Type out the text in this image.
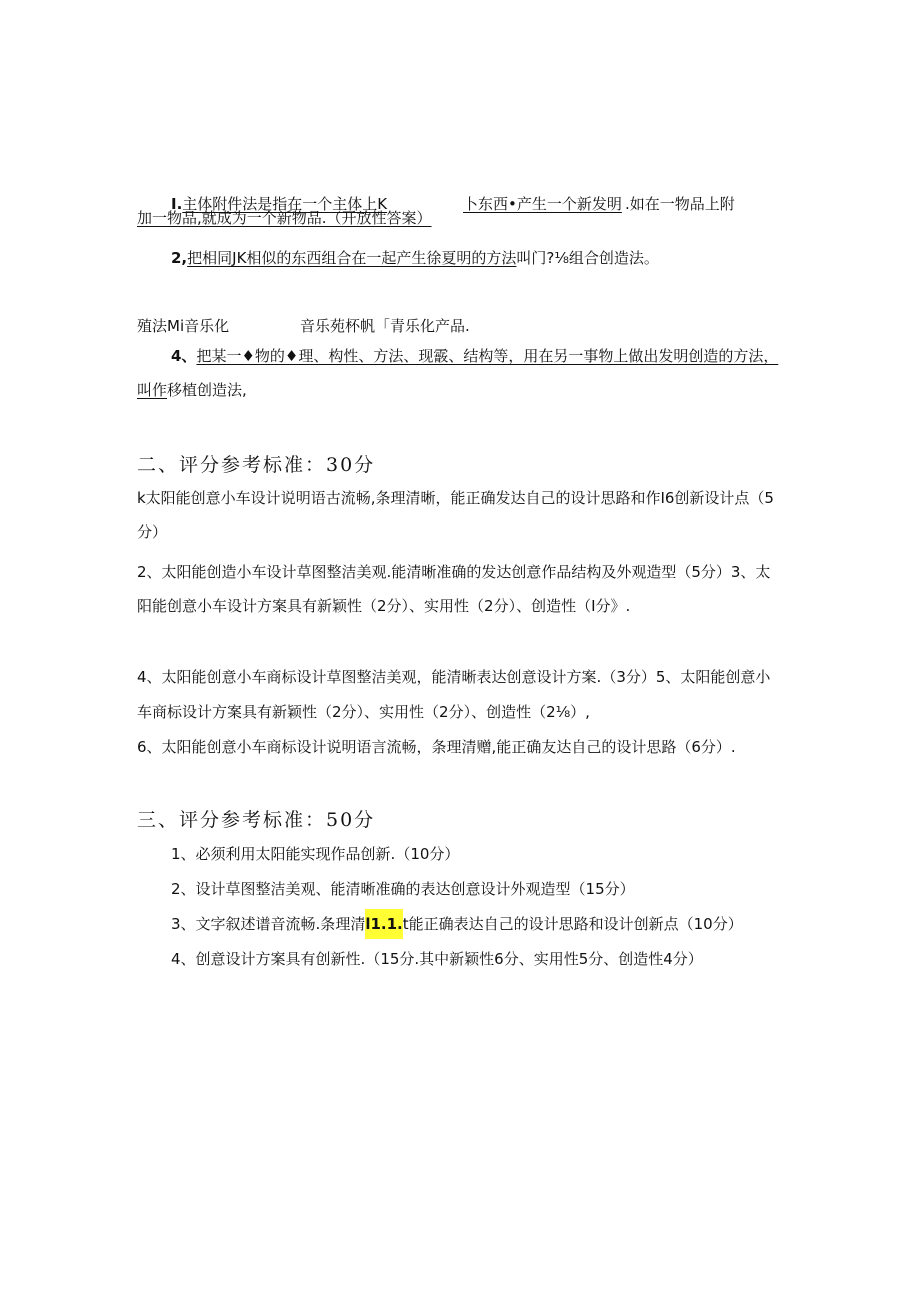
I.主体附件法是指在一个主体上K	卜东西•产生一个新发明 .如在一物品上附
加一物品,就成为一个新物品.（开放性答案）
2,把相同JK相似的东西组合在一起产生徐夏明的方法叫门?⅛组合创造法。
殖法Mi音乐化	音乐苑杯帆「青乐化产品.
4、把某一♦物的♦理、构性、方法、现霰、结构等，用在另一事物上做出发明创造的方法，
叫作移植创造法,
二、评分参考标准：30分
k太阳能创意小车设计说明语古流畅,条理清晰，能正确发达自己的设计思路和作Ⅰ6创新设计点（5
分）
2、太阳能创造小车设计草图整洁美观.能清晰准确的发达创意作品结构及外观造型（5分）3、太
阳能创意小车设计方案具有新颖性（2分）、实用性（2分）、创造性（I分》.
4、太阳能创意小车商标设计草图整洁美观，能清晰表达创意设计方案.（3分）5、太阳能创意小
车商标设计方案具有新颖性（2分）、实用性（2分）、创造性（2⅛）,
6、太阳能创意小车商标设计说明语言流畅，条理清赠,能正确友达自己的设计思路（6分）.
三、评分参考标准：50分
1、必须利用太阳能实现作品创新.（10分）
2、设计草图整洁美观、能清晰准确的表达创意设计外观造型（15分）
3、文字叙述谱音流畅.条理清l1.1.t能正确表达自己的设计思路和设计创新点（10分）
4、创意设计方案具有创新性.（15分.其中新颖性6分、实用性5分、创造性4分）
